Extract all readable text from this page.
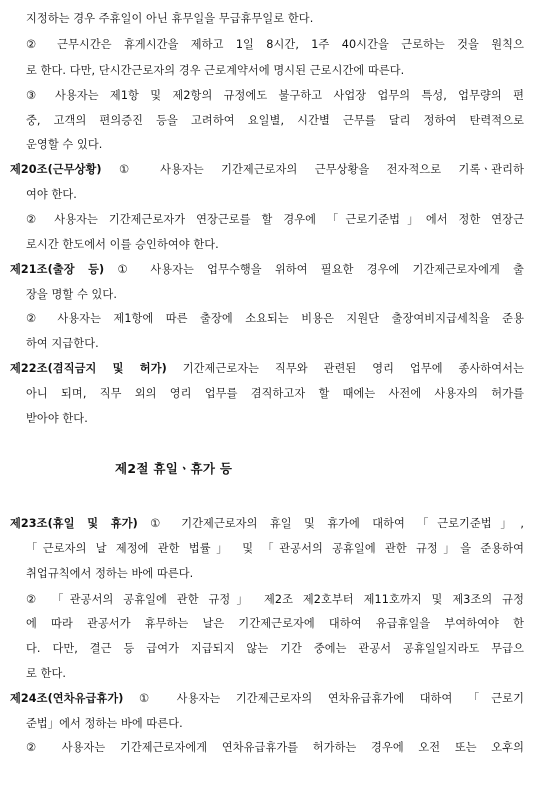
지정하는 경우 주휴일이 아닌 휴무일을 무급휴무일로 한다.
② 근무시간은 휴게시간을 제하고 1일 8시간, 1주 40시간을 근로하는 것을 원칙으
로 한다. 다만, 단시간근로자의 경우 근로계약서에 명시된 근로시간에 따른다.
③ 사용자는 제1항 및 제2항의 규정에도 불구하고 사업장 업무의 특성, 업무량의 편
중, 고객의 편의증진 등을 고려하여 요일별, 시간별 근무를 달리 정하여 탄력적으로
운영할 수 있다.
제20조(근무상황) ① 사용자는 기간제근로자의 근무상황을 전자적으로 기록ㆍ관리하
여야 한다.
② 사용자는 기간제근로자가 연장근로를 할 경우에 「근로기준법」에서 정한 연장근
로시간 한도에서 이를 승인하여야 한다.
제21조(출장 등) ① 사용자는 업무수행을 위하여 필요한 경우에 기간제근로자에게 출
장을 명할 수 있다.
② 사용자는 제1항에 따른 출장에 소요되는 비용은 지원단 출장여비지급세칙을 준용
하여 지급한다.
제22조(겸직금지 및 허가) 기간제근로자는 직무와 관련된 영리 업무에 종사하여서는
아니 되며, 직무 외의 영리 업무를 겸직하고자 할 때에는 사전에 사용자의 허가를
받아야 한다.
제2절 휴일ㆍ휴가 등
제23조(휴일 및 휴가) ① 기간제근로자의 휴일 및 휴가에 대하여 「근로기준법」,
「근로자의 날 제정에 관한 법률」 및 「관공서의 공휴일에 관한 규정」을 준용하여
취업규칙에서 정하는 바에 따른다.
② 「관공서의 공휴일에 관한 규정」 제2조 제2호부터 제11호까지 및 제3조의 규정
에 따라 관공서가 휴무하는 날은 기간제근로자에 대하여 유급휴일을 부여하여야 한
다. 다만, 결근 등 급여가 지급되지 않는 기간 중에는 관공서 공휴일일지라도 무급으
로 한다.
제24조(연차유급휴가) ① 사용자는 기간제근로자의 연차유급휴가에 대하여 「근로기
준법」에서 정하는 바에 따른다.
② 사용자는 기간제근로자에게 연차유급휴가를 허가하는 경우에 오전 또는 오후의
